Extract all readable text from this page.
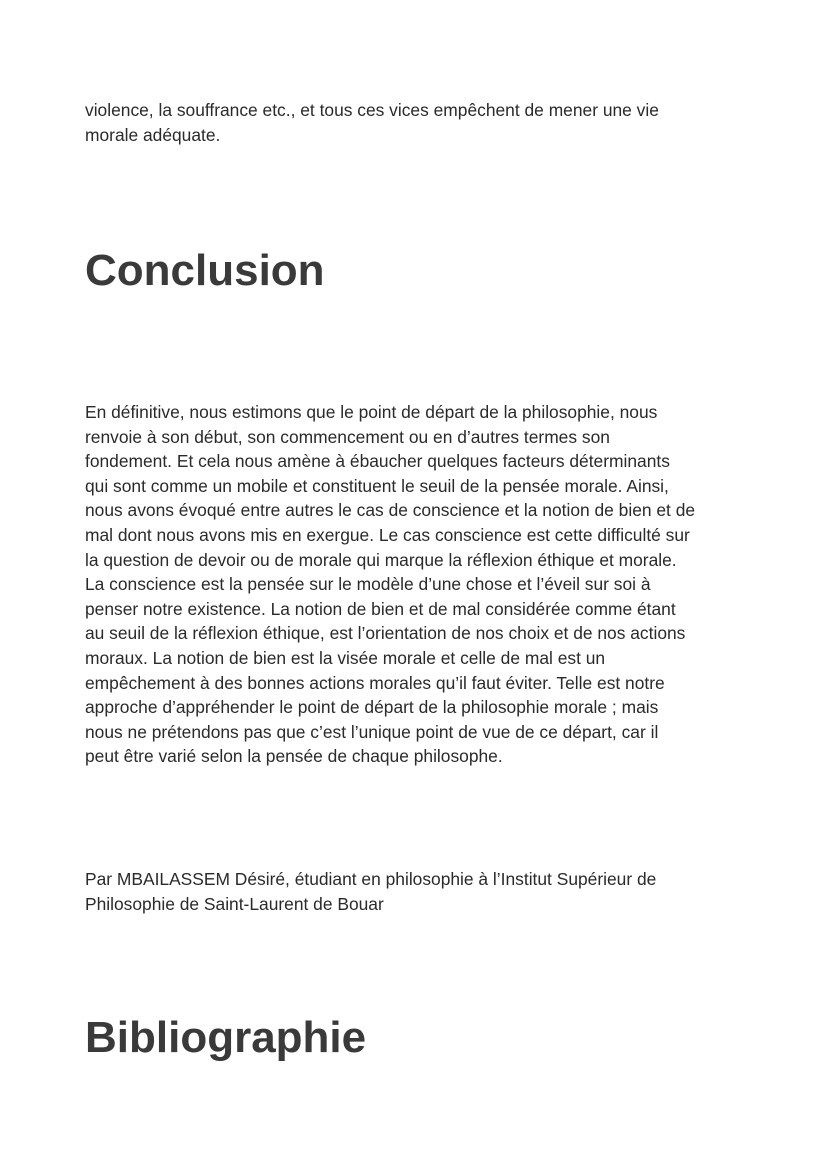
violence, la souffrance etc., et tous ces vices empêchent de mener une vie
morale adéquate.

Conclusion

En définitive, nous estimons que le point de départ de la philosophie, nous
renvoie à son début, son commencement ou en d’autres termes son
fondement. Et cela nous amène à ébaucher quelques facteurs déterminants
qui sont comme un mobile et constituent le seuil de la pensée morale. Ainsi,
nous avons évoqué entre autres le cas de conscience et la notion de bien et de
mal dont nous avons mis en exergue. Le cas conscience est cette difficulté sur
la question de devoir ou de morale qui marque la réflexion éthique et morale.
La conscience est la pensée sur le modèle d’une chose et l’éveil sur soi à
penser notre existence. La notion de bien et de mal considérée comme étant
au seuil de la réflexion éthique, est l’orientation de nos choix et de nos actions
moraux. La notion de bien est la visée morale et celle de mal est un
empêchement à des bonnes actions morales qu’il faut éviter. Telle est notre
approche d’appréhender le point de départ de la philosophie morale ; mais
nous ne prétendons pas que c’est l’unique point de vue de ce départ, car il
peut être varié selon la pensée de chaque philosophe.

Par MBAILASSEM Désiré, étudiant en philosophie à l’Institut Supérieur de
Philosophie de Saint-Laurent de Bouar

Bibliographie
